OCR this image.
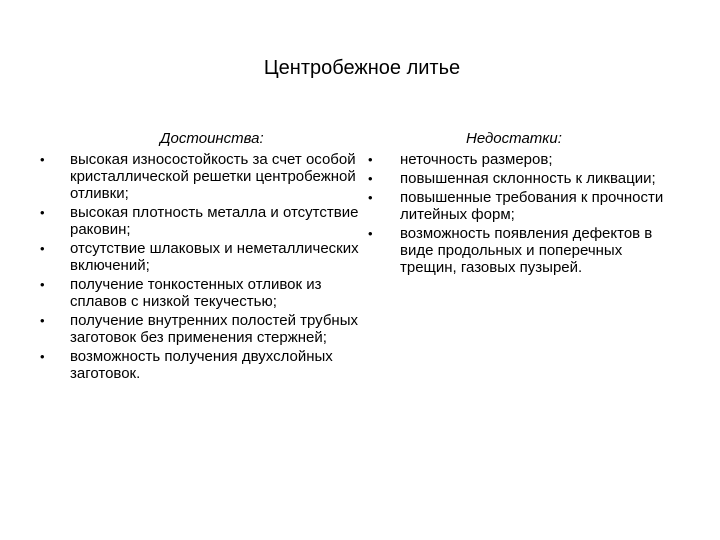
Центробежное литье
Достоинства:
•	высокая износостойкость за счет особой кристаллической решетки центробежной отливки;
•	высокая плотность металла и отсутствие раковин;
•	отсутствие шлаковых и неметаллических включений;
•	получение тонкостенных отливок из сплавов с низкой текучестью;
•	получение внутренних полостей трубных заготовок без применения стержней;
•	возможность получения двухслойных заготовок.
Недостатки:
•	неточность размеров;
•	повышенная склонность к ликвации;
•	повышенные требования к прочности литейных форм;
•	возможность появления дефектов в виде продольных и поперечных трещин, газовых пузырей.
